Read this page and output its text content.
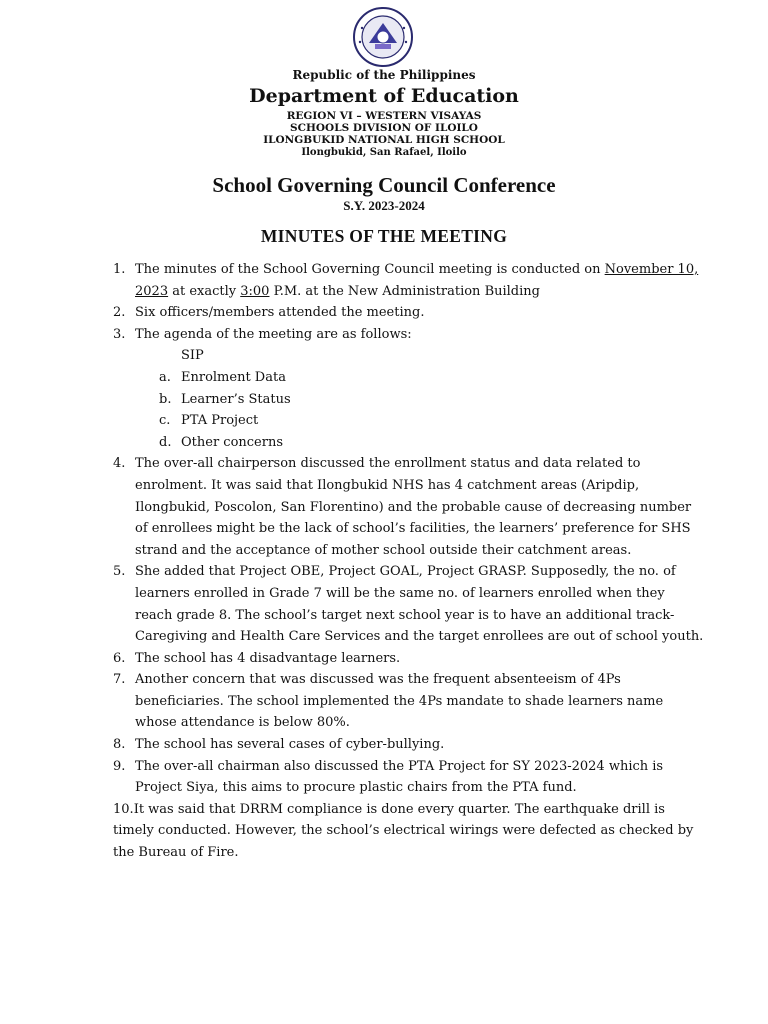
Republic of the Philippines
Department of Education
REGION VI – WESTERN VISAYAS
SCHOOLS DIVISION OF ILOILO
ILONGBUKID NATIONAL HIGH SCHOOL
Ilongbukid, San Rafael, Iloilo
School Governing Council Conference
S.Y. 2023-2024
MINUTES OF THE MEETING
1. The minutes of the School Governing Council meeting is conducted on November 10, 2023 at exactly 3:00 P.M. at the New Administration Building
2. Six officers/members attended the meeting.
3. The agenda of the meeting are as follows:
SIP
a. Enrolment Data
b. Learner’s Status
c. PTA Project
d. Other concerns
4. The over-all chairperson discussed the enrollment status and data related to enrolment. It was said that Ilongbukid NHS has 4 catchment areas (Aripdip, Ilongbukid, Poscolon, San Florentino) and the probable cause of decreasing number of enrollees might be the lack of school’s facilities, the learners’ preference for SHS strand and the acceptance of mother school outside their catchment areas.
5. She added that Project OBE, Project GOAL, Project GRASP. Supposedly, the no. of learners enrolled in Grade 7 will be the same no. of learners enrolled when they reach grade 8. The school’s target next school year is to have an additional track- Caregiving and Health Care Services and the target enrollees are out of school youth.
6. The school has 4 disadvantage learners.
7. Another concern that was discussed was the frequent absenteeism of 4Ps beneficiaries. The school implemented the 4Ps mandate to shade learners name whose attendance is below 80%.
8. The school has several cases of cyber-bullying.
9. The over-all chairman also discussed the PTA Project for SY 2023-2024 which is Project Siya, this aims to procure plastic chairs from the PTA fund.
10.It was said that DRRM compliance is done every quarter. The earthquake drill is timely conducted. However, the school’s electrical wirings were defected as checked by the Bureau of Fire.
